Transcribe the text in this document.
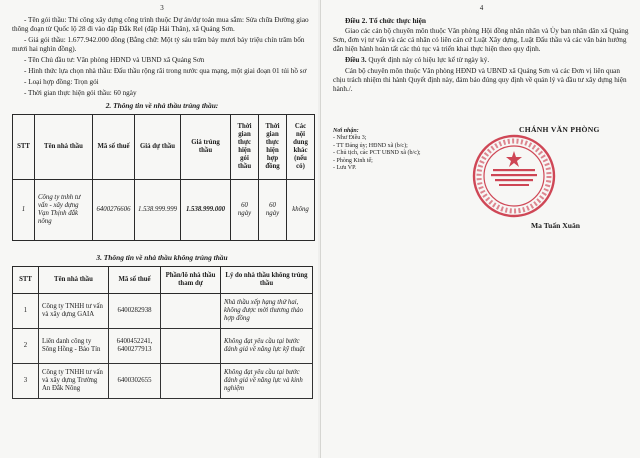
3

- Tên gói thầu: Thi công xây dựng công trình thuộc Dự án/dự toán mua sắm: Sửa chữa Đường giao thông đoạn từ Quốc lộ 28 đi vào đập Đắk Rel (đập Hải Thân), xã Quảng Sơn.

- Giá gói thầu: 1.677.942.000 đồng (Bằng chữ: Một tỷ sáu trăm bảy mươi bảy triệu chín trăm bốn mươi hai nghìn đồng).

- Tên Chủ đầu tư: Văn phòng HĐND và UBND xã Quảng Sơn

- Hình thức lựa chọn nhà thầu: Đấu thầu rộng rãi trong nước qua mạng, một giai đoạn 01 túi hồ sơ

- Loại hợp đồng: Trọn gói

- Thời gian thực hiện gói thầu: 60 ngày

2. Thông tin về nhà thầu trúng thầu:
STT	Tên nhà thầu	Mã số thuế	Giá dự thầu	Giá trúng thầu	Thời gian thực hiện gói thầu	Thời gian thực hiện hợp đồng	Các nội dung khác (nếu có)
1	Công ty tnhh tư vấn - xây dựng Vạn Thịnh đắk nông	6400276606	1.538.999.999	1.538.999.000	60 ngày	60 ngày	không
3. Thông tin về nhà thầu không trúng thầu
STT	Tên nhà thầu	Mã số thuế	Phần/lô nhà thầu tham dự	Lý do nhà thầu không trúng thầu
1	Công ty TNHH tư vấn và xây dựng GAIA	6400282938		Nhà thầu xếp hạng thứ hai, không được mời thương thảo hợp đồng
2	Liên danh công ty Sông Hồng - Bảo Tín	6400452241, 6400277913		Không đạt yêu cầu tại bước đánh giá về năng lực kỹ thuật
3	Công ty TNHH tư vấn và xây dựng Trường An Đắk Nông	6400302655		Không đạt yêu cầu tại bước đánh giá về năng lực và kinh nghiệm
4
Điều 2. Tổ chức thực hiện

Giao các cán bộ chuyên môn thuộc Văn phòng Hội đồng nhân nhân và Ủy ban nhân dân xã Quảng Sơn, đơn vị tư vấn và các cá nhân có liên cán cứ Luật Xây dựng, Luật Đấu thầu và các văn bản hướng dẫn hiện hành hoàn tất các thủ tục và triển khai thực hiện theo quy định.

Điều 3. Quyết định này có hiệu lực kể từ ngày ký.

Cán bộ chuyên môn thuộc Văn phòng HĐND và UBND xã Quảng Sơn và các Đơn vị liên quan chịu trách nhiệm thi hành Quyết định này, đảm bảo đúng quy định về quản lý và đầu tư xây dựng hiện hành./.

Nơi nhận:
- Như Điều 3;
- TT Đảng ủy; HĐND xã (b/c);
- Chủ tịch, các PCT UBND xã (b/c);
- Phòng Kinh tế;
- Lưu VP.
CHÁNH VĂN PHÒNG
Ma Tuấn Xuân
